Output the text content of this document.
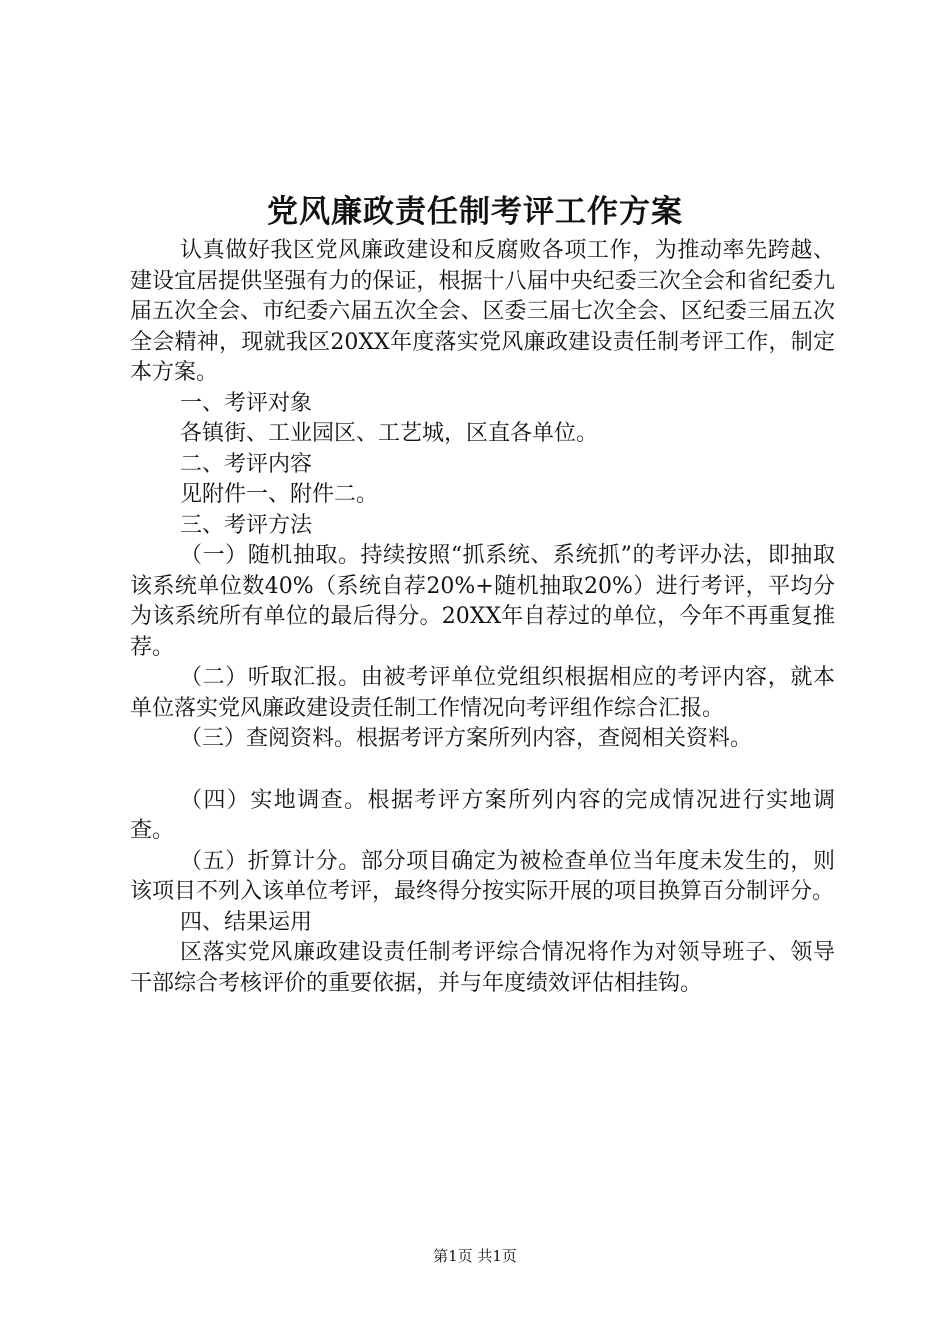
党风廉政责任制考评工作方案

认真做好我区党风廉政建设和反腐败各项工作，为推动率先跨越、建设宜居提供坚强有力的保证，根据十八届中央纪委三次全会和省纪委九届五次全会、市纪委六届五次全会、区委三届七次全会、区纪委三届五次全会精神，现就我区20XX年度落实党风廉政建设责任制考评工作，制定本方案。

一、考评对象

各镇街、工业园区、工艺城，区直各单位。

二、考评内容

见附件一、附件二。

三、考评方法

（一）随机抽取。持续按照“抓系统、系统抓”的考评办法，即抽取该系统单位数40%（系统自荐20%+随机抽取20%）进行考评，平均分为该系统所有单位的最后得分。20XX年自荐过的单位，今年不再重复推荐。

（二）听取汇报。由被考评单位党组织根据相应的考评内容，就本单位落实党风廉政建设责任制工作情况向考评组作综合汇报。

（三）查阅资料。根据考评方案所列内容，查阅相关资料。

（四）实地调查。根据考评方案所列内容的完成情况进行实地调查。

（五）折算计分。部分项目确定为被检查单位当年度未发生的，则该项目不列入该单位考评，最终得分按实际开展的项目换算百分制评分。

四、结果运用

区落实党风廉政建设责任制考评综合情况将作为对领导班子、领导干部综合考核评价的重要依据，并与年度绩效评估相挂钩。

第1页 共1页
